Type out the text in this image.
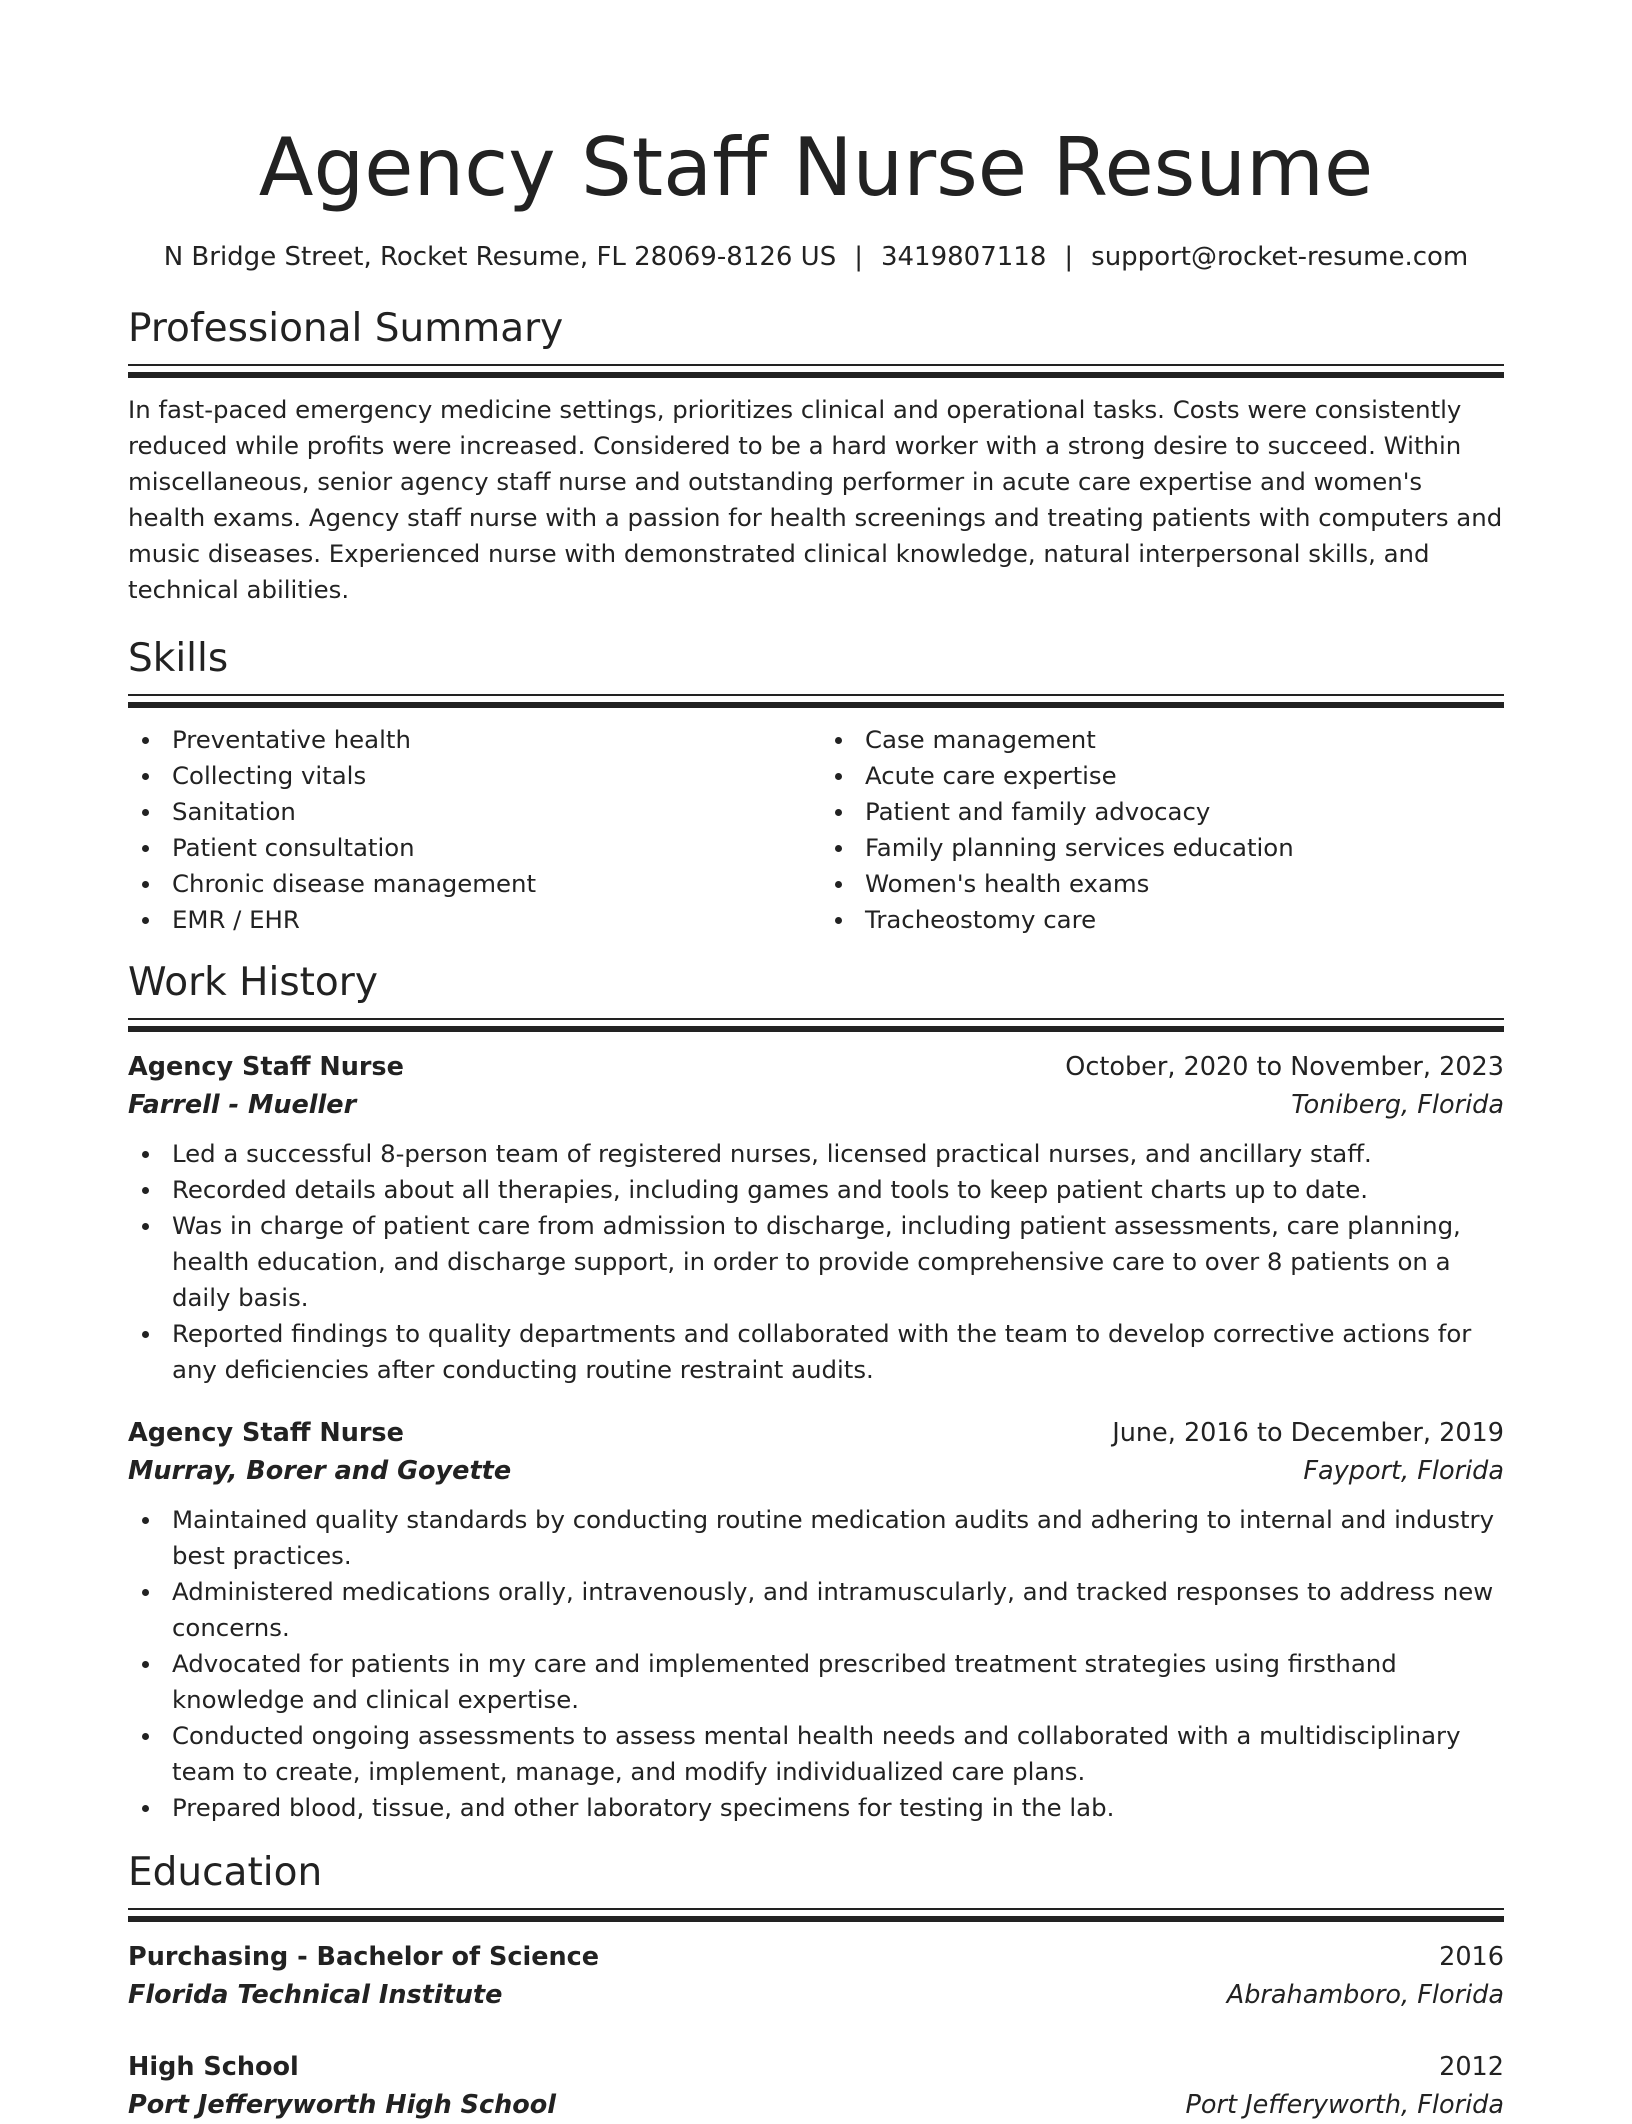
Agency Staff Nurse Resume
N Bridge Street, Rocket Resume, FL 28069-8126 US | 3419807118 | support@rocket-resume.com
Professional Summary
In fast-paced emergency medicine settings, prioritizes clinical and operational tasks. Costs were consistently reduced while profits were increased. Considered to be a hard worker with a strong desire to succeed. Within miscellaneous, senior agency staff nurse and outstanding performer in acute care expertise and women's health exams. Agency staff nurse with a passion for health screenings and treating patients with computers and music diseases. Experienced nurse with demonstrated clinical knowledge, natural interpersonal skills, and technical abilities.
Skills
Preventative health
Collecting vitals
Sanitation
Patient consultation
Chronic disease management
EMR / EHR
Case management
Acute care expertise
Patient and family advocacy
Family planning services education
Women's health exams
Tracheostomy care
Work History
Agency Staff Nurse	October, 2020 to November, 2023
Farrell - Mueller	Toniberg, Florida
Led a successful 8-person team of registered nurses, licensed practical nurses, and ancillary staff.
Recorded details about all therapies, including games and tools to keep patient charts up to date.
Was in charge of patient care from admission to discharge, including patient assessments, care planning, health education, and discharge support, in order to provide comprehensive care to over 8 patients on a daily basis.
Reported findings to quality departments and collaborated with the team to develop corrective actions for any deficiencies after conducting routine restraint audits.
Agency Staff Nurse	June, 2016 to December, 2019
Murray, Borer and Goyette	Fayport, Florida
Maintained quality standards by conducting routine medication audits and adhering to internal and industry best practices.
Administered medications orally, intravenously, and intramuscularly, and tracked responses to address new concerns.
Advocated for patients in my care and implemented prescribed treatment strategies using firsthand knowledge and clinical expertise.
Conducted ongoing assessments to assess mental health needs and collaborated with a multidisciplinary team to create, implement, manage, and modify individualized care plans.
Prepared blood, tissue, and other laboratory specimens for testing in the lab.
Education
Purchasing - Bachelor of Science	2016
Florida Technical Institute	Abrahamboro, Florida
High School	2012
Port Jefferyworth High School	Port Jefferyworth, Florida
